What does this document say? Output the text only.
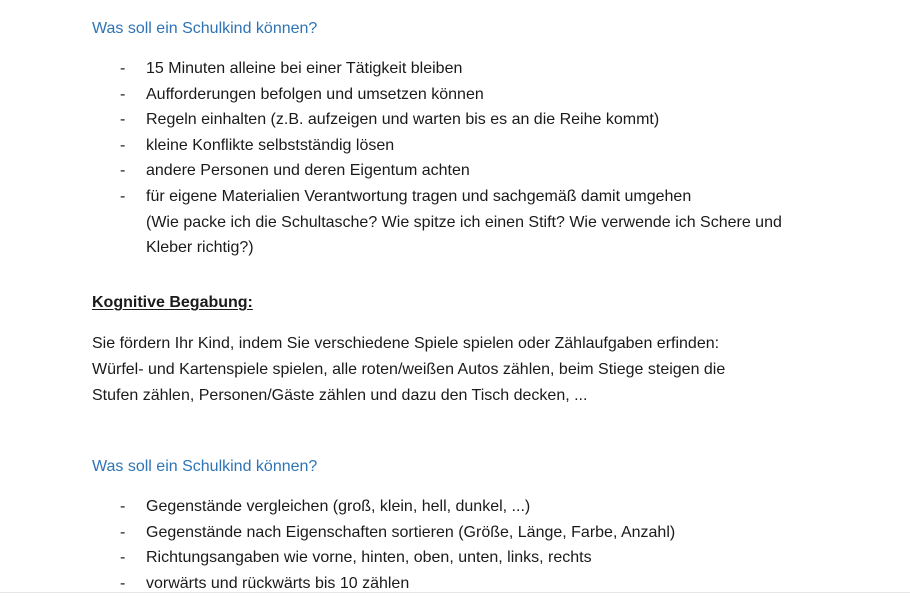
Was soll ein Schulkind können?
- 15 Minuten alleine bei einer Tätigkeit bleiben
- Aufforderungen befolgen und umsetzen können
- Regeln einhalten (z.B. aufzeigen und warten bis es an die Reihe kommt)
- kleine Konflikte selbstständig lösen
- andere Personen und deren Eigentum achten
- für eigene Materialien Verantwortung tragen und sachgemäß damit umgehen
(Wie packe ich die Schultasche? Wie spitze ich einen Stift? Wie verwende ich Schere und
Kleber richtig?)
Kognitive Begabung:
Sie fördern Ihr Kind, indem Sie verschiedene Spiele spielen oder Zählaufgaben erfinden:
Würfel- und Kartenspiele spielen, alle roten/weißen Autos zählen, beim Stiege steigen die
Stufen zählen, Personen/Gäste zählen und dazu den Tisch decken, ...
Was soll ein Schulkind können?
- Gegenstände vergleichen (groß, klein, hell, dunkel, ...)
- Gegenstände nach Eigenschaften sortieren (Größe, Länge, Farbe, Anzahl)
- Richtungsangaben wie vorne, hinten, oben, unten, links, rechts
- vorwärts und rückwärts bis 10 zählen
